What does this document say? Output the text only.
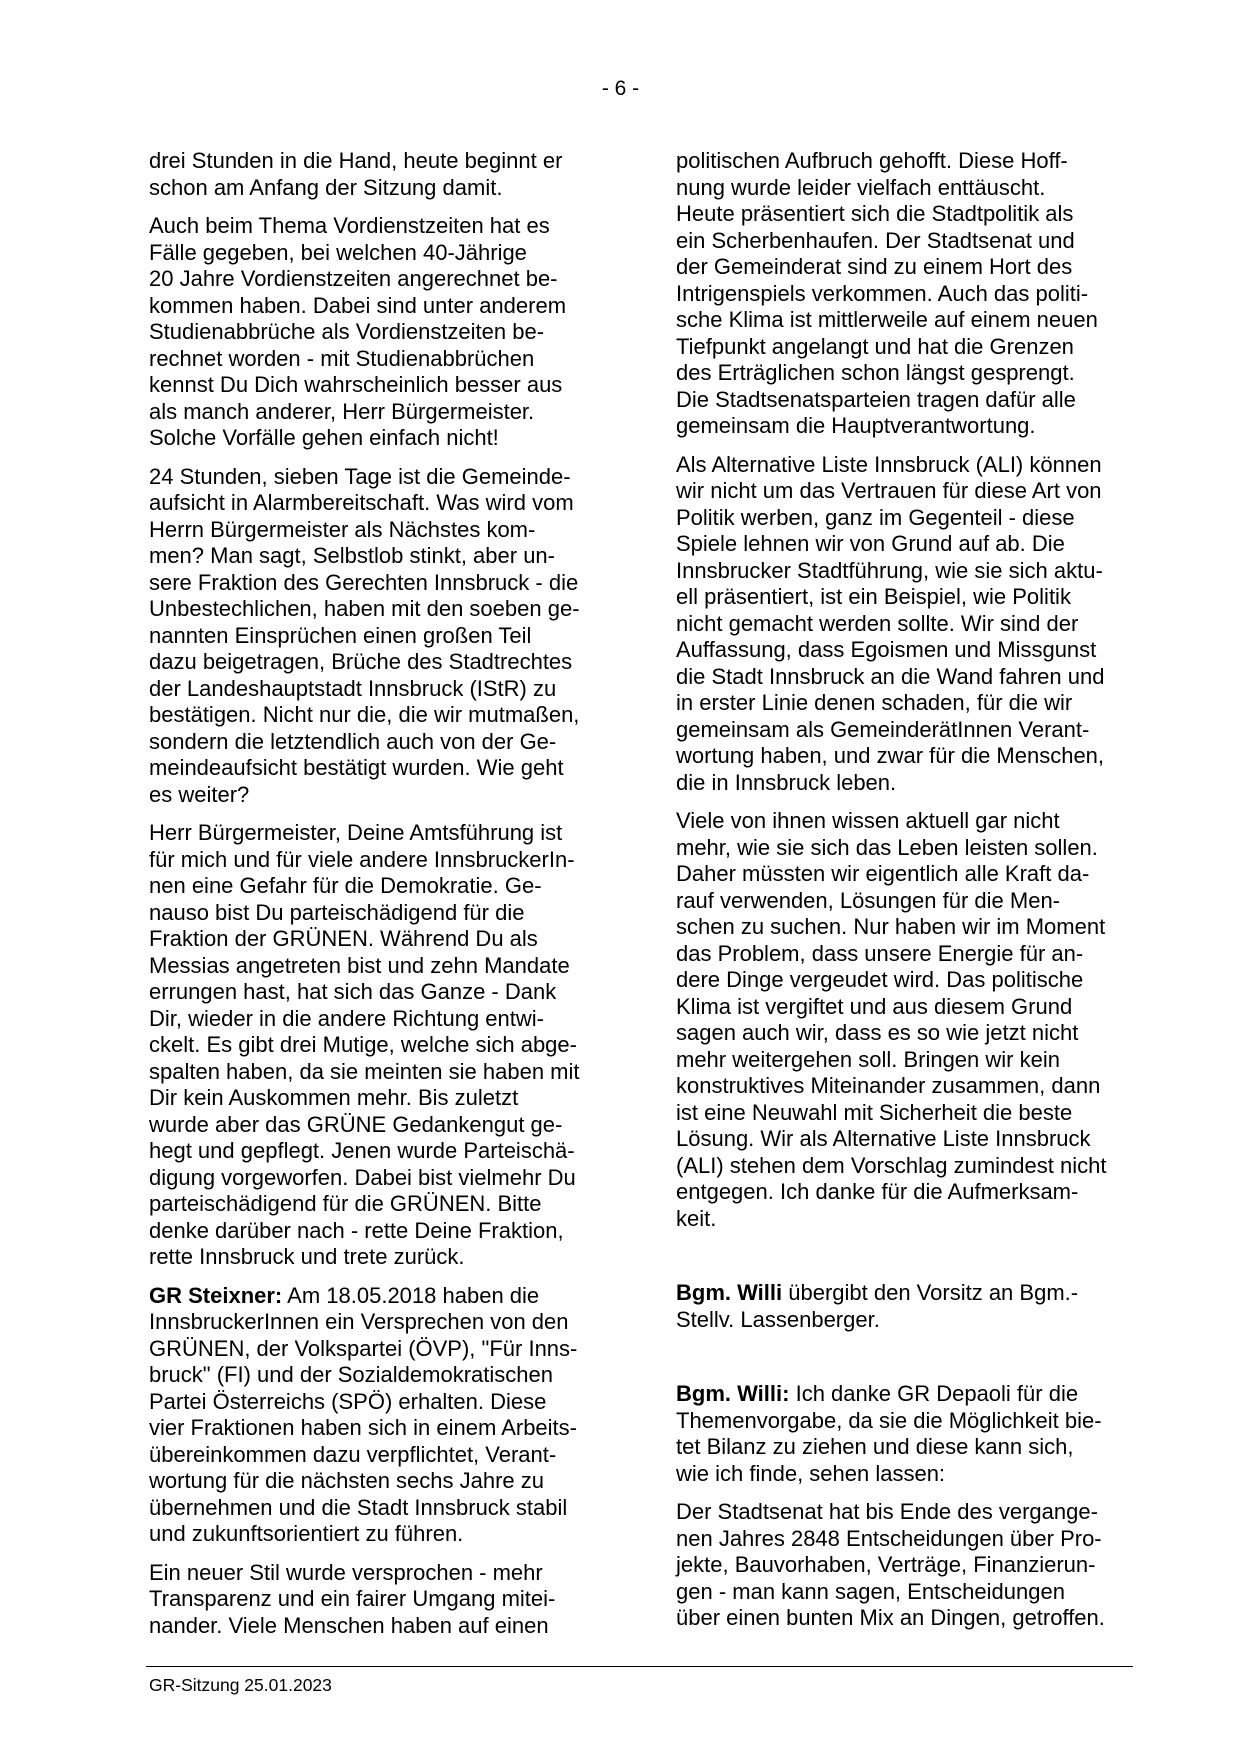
- 6 -

drei Stunden in die Hand, heute beginnt er
schon am Anfang der Sitzung damit.

Auch beim Thema Vordienstzeiten hat es
Fälle gegeben, bei welchen 40-Jährige
20 Jahre Vordienstzeiten angerechnet be-
kommen haben. Dabei sind unter anderem
Studienabbrüche als Vordienstzeiten be-
rechnet worden - mit Studienabbrüchen
kennst Du Dich wahrscheinlich besser aus
als manch anderer, Herr Bürgermeister.
Solche Vorfälle gehen einfach nicht!

24 Stunden, sieben Tage ist die Gemeinde-
aufsicht in Alarmbereitschaft. Was wird vom
Herrn Bürgermeister als Nächstes kom-
men? Man sagt, Selbstlob stinkt, aber un-
sere Fraktion des Gerechten Innsbruck - die
Unbestechlichen, haben mit den soeben ge-
nannten Einsprüchen einen großen Teil
dazu beigetragen, Brüche des Stadtrechtes
der Landeshauptstadt Innsbruck (IStR) zu
bestätigen. Nicht nur die, die wir mutmaßen,
sondern die letztendlich auch von der Ge-
meindeaufsicht bestätigt wurden. Wie geht
es weiter?

Herr Bürgermeister, Deine Amtsführung ist
für mich und für viele andere InnsbruckerIn-
nen eine Gefahr für die Demokratie. Ge-
nauso bist Du parteischädigend für die
Fraktion der GRÜNEN. Während Du als
Messias angetreten bist und zehn Mandate
errungen hast, hat sich das Ganze - Dank
Dir, wieder in die andere Richtung entwi-
ckelt. Es gibt drei Mutige, welche sich abge-
spalten haben, da sie meinten sie haben mit
Dir kein Auskommen mehr. Bis zuletzt
wurde aber das GRÜNE Gedankengut ge-
hegt und gepflegt. Jenen wurde Parteischä-
digung vorgeworfen. Dabei bist vielmehr Du
parteischädigend für die GRÜNEN. Bitte
denke darüber nach - rette Deine Fraktion,
rette Innsbruck und trete zurück.

GR Steixner: Am 18.05.2018 haben die
InnsbruckerInnen ein Versprechen von den
GRÜNEN, der Volkspartei (ÖVP), "Für Inns-
bruck" (FI) und der Sozialdemokratischen
Partei Österreichs (SPÖ) erhalten. Diese
vier Fraktionen haben sich in einem Arbeits-
übereinkommen dazu verpflichtet, Verant-
wortung für die nächsten sechs Jahre zu
übernehmen und die Stadt Innsbruck stabil
und zukunftsorientiert zu führen.

Ein neuer Stil wurde versprochen - mehr
Transparenz und ein fairer Umgang mitei-
nander. Viele Menschen haben auf einen

politischen Aufbruch gehofft. Diese Hoff-
nung wurde leider vielfach enttäuscht.
Heute präsentiert sich die Stadtpolitik als
ein Scherbenhaufen. Der Stadtsenat und
der Gemeinderat sind zu einem Hort des
Intrigenspiels verkommen. Auch das politi-
sche Klima ist mittlerweile auf einem neuen
Tiefpunkt angelangt und hat die Grenzen
des Erträglichen schon längst gesprengt.
Die Stadtsenatsparteien tragen dafür alle
gemeinsam die Hauptverantwortung.

Als Alternative Liste Innsbruck (ALI) können
wir nicht um das Vertrauen für diese Art von
Politik werben, ganz im Gegenteil - diese
Spiele lehnen wir von Grund auf ab. Die
Innsbrucker Stadtführung, wie sie sich aktu-
ell präsentiert, ist ein Beispiel, wie Politik
nicht gemacht werden sollte. Wir sind der
Auffassung, dass Egoismen und Missgunst
die Stadt Innsbruck an die Wand fahren und
in erster Linie denen schaden, für die wir
gemeinsam als GemeinderätInnen Verant-
wortung haben, und zwar für die Menschen,
die in Innsbruck leben.

Viele von ihnen wissen aktuell gar nicht
mehr, wie sie sich das Leben leisten sollen.
Daher müssten wir eigentlich alle Kraft da-
rauf verwenden, Lösungen für die Men-
schen zu suchen. Nur haben wir im Moment
das Problem, dass unsere Energie für an-
dere Dinge vergeudet wird. Das politische
Klima ist vergiftet und aus diesem Grund
sagen auch wir, dass es so wie jetzt nicht
mehr weitergehen soll. Bringen wir kein
konstruktives Miteinander zusammen, dann
ist eine Neuwahl mit Sicherheit die beste
Lösung. Wir als Alternative Liste Innsbruck
(ALI) stehen dem Vorschlag zumindest nicht
entgegen. Ich danke für die Aufmerksam-
keit.

Bgm. Willi übergibt den Vorsitz an Bgm.-
Stellv. Lassenberger.

Bgm. Willi: Ich danke GR Depaoli für die
Themenvorgabe, da sie die Möglichkeit bie-
tet Bilanz zu ziehen und diese kann sich,
wie ich finde, sehen lassen:

Der Stadtsenat hat bis Ende des vergange-
nen Jahres 2848 Entscheidungen über Pro-
jekte, Bauvorhaben, Verträge, Finanzierun-
gen - man kann sagen, Entscheidungen
über einen bunten Mix an Dingen, getroffen.

GR-Sitzung 25.01.2023
